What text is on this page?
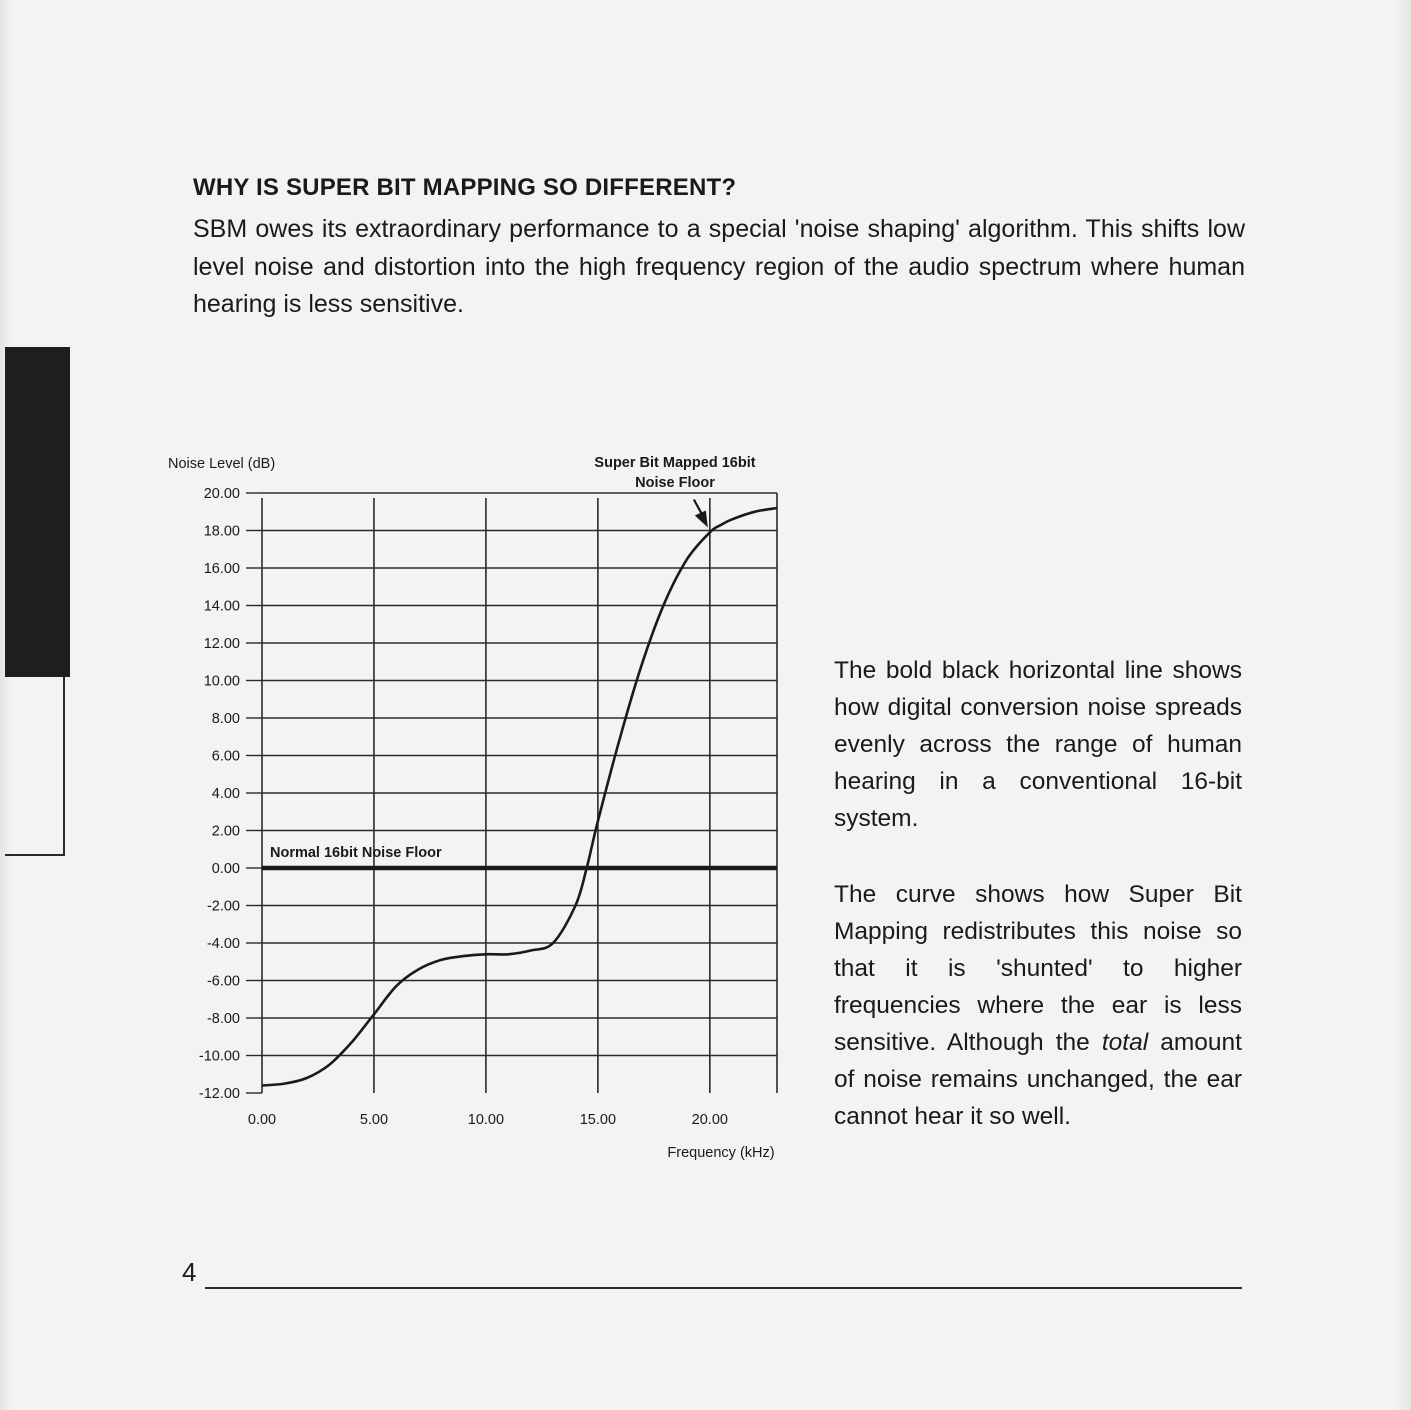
WHY IS SUPER BIT MAPPING SO DIFFERENT?

SBM owes its extraordinary performance to a special 'noise shaping' algorithm. This shifts low level noise and distortion into the high frequency region of the audio spectrum where human hearing is less sensitive.

20.00
18.00
16.00
14.00
12.00
10.00
8.00
6.00
4.00
2.00
0.00
-2.00
-4.00
-6.00
-8.00
-10.00
-12.00
0.00	5.00	10.00	15.00	20.00
Noise Level (dB)
Frequency (kHz)
Super Bit Mapped 16bit
Noise Floor
Normal 16bit Noise Floor

The bold black horizontal line shows how digital conversion noise spreads evenly across the range of human hearing in a conventional 16-bit system.

The curve shows how Super Bit Mapping redistributes this noise so that it is 'shunted' to higher frequencies where the ear is less sensitive. Although the total amount of noise remains unchanged, the ear cannot hear it so well.

4
